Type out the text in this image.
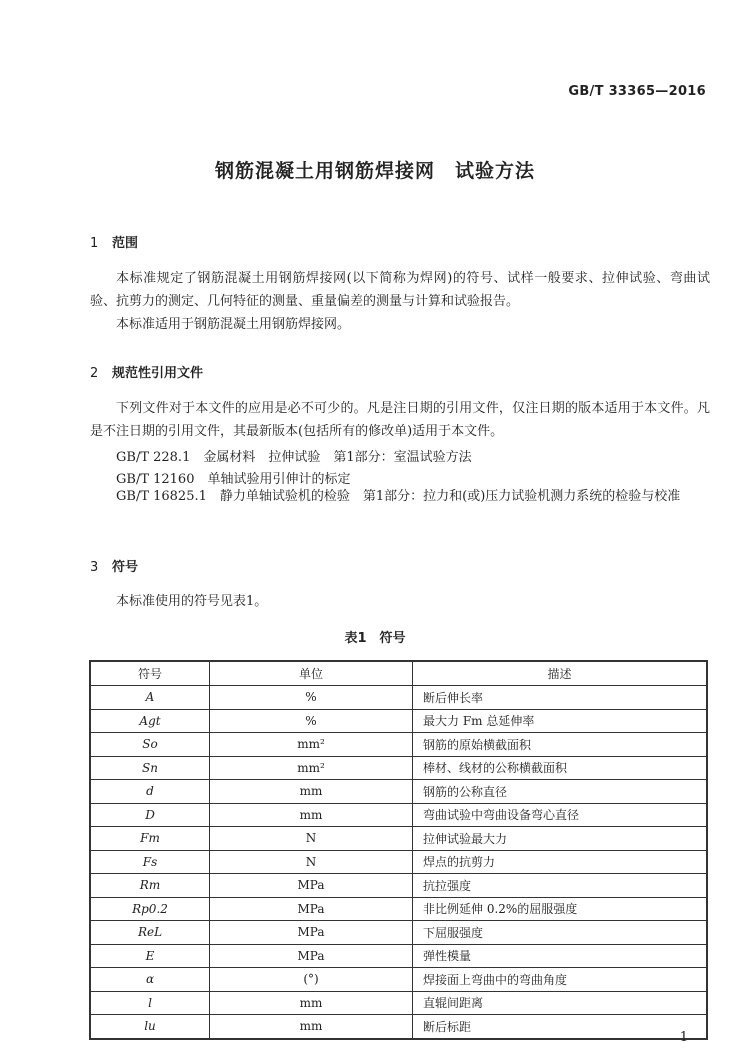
GB/T 33365—2016
钢筋混凝土用钢筋焊接网　试验方法
1 范围
本标准规定了钢筋混凝土用钢筋焊接网(以下简称为焊网)的符号、试样一般要求、拉伸试验、弯曲试验、抗剪力的测定、几何特征的测量、重量偏差的测量与计算和试验报告。
本标准适用于钢筋混凝土用钢筋焊接网。
2 规范性引用文件
下列文件对于本文件的应用是必不可少的。凡是注日期的引用文件，仅注日期的版本适用于本文件。凡是不注日期的引用文件，其最新版本(包括所有的修改单)适用于本文件。
GB/T 228.1　金属材料　拉伸试验　第1部分：室温试验方法
GB/T 12160　单轴试验用引伸计的标定
GB/T 16825.1　静力单轴试验机的检验　第1部分：拉力和(或)压力试验机测力系统的检验与校准
3 符号
本标准使用的符号见表1。
表1　符号
符号	单位	描述
A	%	断后伸长率
Agt	%	最大力 Fm 总延伸率
So	mm²	钢筋的原始横截面积
Sn	mm²	棒材、线材的公称横截面积
d	mm	钢筋的公称直径
D	mm	弯曲试验中弯曲设备弯心直径
Fm	N	拉伸试验最大力
Fs	N	焊点的抗剪力
Rm	MPa	抗拉强度
Rp0.2	MPa	非比例延伸 0.2%的屈服强度
ReL	MPa	下屈服强度
E	MPa	弹性模量
α	(°)	焊接面上弯曲中的弯曲角度
l	mm	直辊间距离
lu	mm	断后标距
1
